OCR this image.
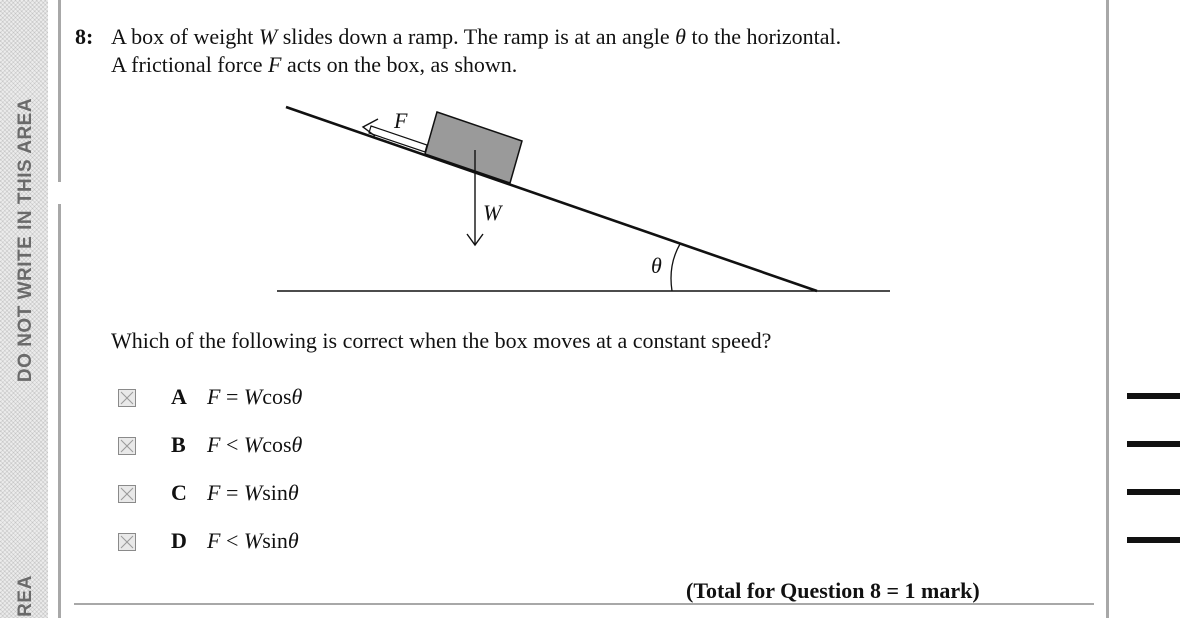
DO NOT WRITE IN THIS AREA
REA
8: A box of weight W slides down a ramp. The ramp is at an angle θ to the horizontal.
A frictional force F acts on the box, as shown.
F
W
θ
Which of the following is correct when the box moves at a constant speed?
A F = Wcosθ
B F < Wcosθ
C F = Wsinθ
D F < Wsinθ
(Total for Question 8 = 1 mark)
